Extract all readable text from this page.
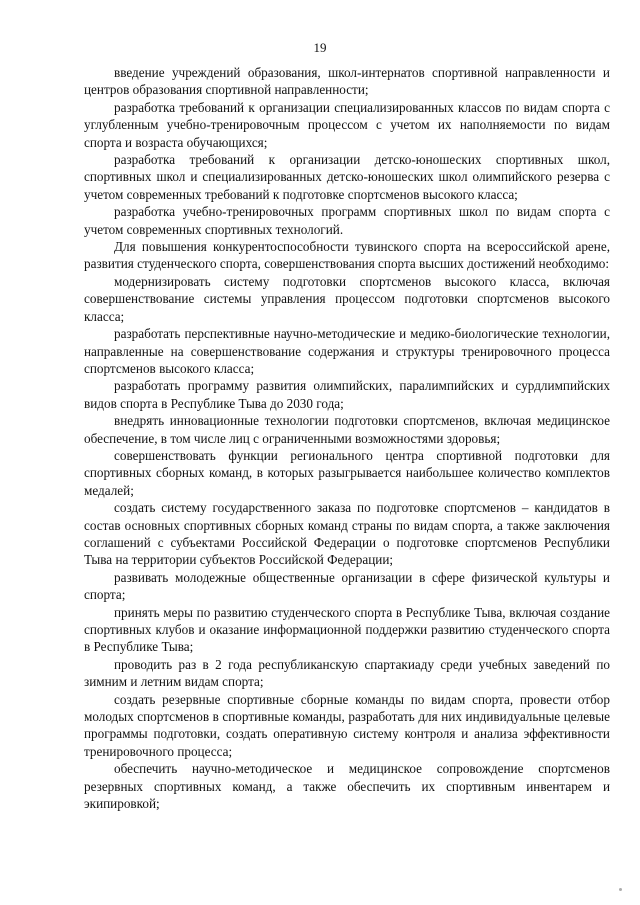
19

введение учреждений образования, школ-интернатов спортивной направленности и центров образования спортивной направленности;

разработка требований к организации специализированных классов по видам спорта с углубленным учебно-тренировочным процессом с учетом их наполняемости по видам спорта и возраста обучающихся;

разработка требований к организации детско-юношеских спортивных школ, спортивных школ и специализированных детско-юношеских школ олимпийского резерва с учетом современных требований к подготовке спортсменов высокого класса;

разработка учебно-тренировочных программ спортивных школ по видам спорта с учетом современных спортивных технологий.

Для повышения конкурентоспособности тувинского спорта на всероссийской арене, развития студенческого спорта, совершенствования спорта высших достижений необходимо:

модернизировать систему подготовки спортсменов высокого класса, включая совершенствование системы управления процессом подготовки спортсменов высокого класса;

разработать перспективные научно-методические и медико-биологические технологии, направленные на совершенствование содержания и структуры тренировочного процесса спортсменов высокого класса;

разработать программу развития олимпийских, паралимпийских и сурдлимпийских видов спорта в Республике Тыва до 2030 года;

внедрять инновационные технологии подготовки спортсменов, включая медицинское обеспечение, в том числе лиц с ограниченными возможностями здоровья;

совершенствовать функции регионального центра спортивной подготовки для спортивных сборных команд, в которых разыгрывается наибольшее количество комплектов медалей;

создать систему государственного заказа по подготовке спортсменов – кандидатов в состав основных спортивных сборных команд страны по видам спорта, а также заключения соглашений с субъектами Российской Федерации о подготовке спортсменов Республики Тыва на территории субъектов Российской Федерации;

развивать молодежные общественные организации в сфере физической культуры и спорта;

принять меры по развитию студенческого спорта в Республике Тыва, включая создание спортивных клубов и оказание информационной поддержки развитию студенческого спорта в Республике Тыва;

проводить раз в 2 года республиканскую спартакиаду среди учебных заведений по зимним и летним видам спорта;

создать резервные спортивные сборные команды по видам спорта, провести отбор молодых спортсменов в спортивные команды, разработать для них индивидуальные целевые программы подготовки, создать оперативную систему контроля и анализа эффективности тренировочного процесса;

обеспечить научно-методическое и медицинское сопровождение спортсменов резервных спортивных команд, а также обеспечить их спортивным инвентарем и экипировкой;
